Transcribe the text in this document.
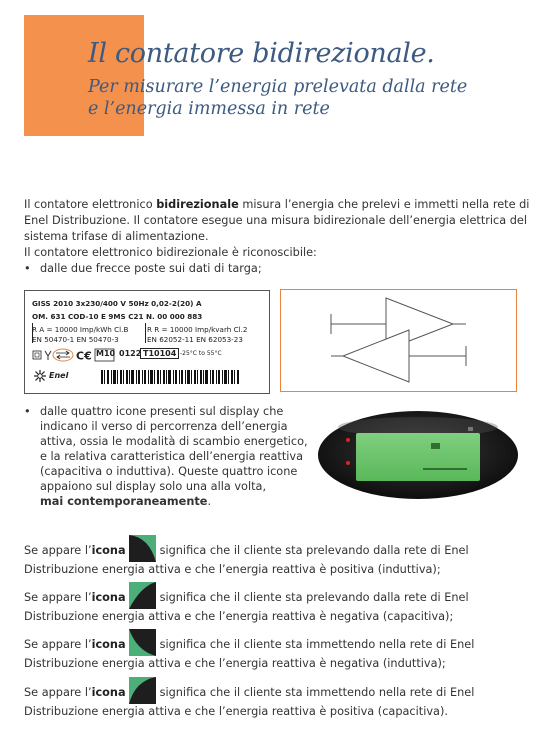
Il contatore bidirezionale.
Per misurare l’energia prelevata dalla rete
e l’energia immessa in rete

Il contatore elettronico bidirezionale misura l’energia che prelevi e immetti nella rete di Enel Distribuzione. Il contatore esegue una misura bidirezionale dell’energia elettrica del sistema trifase di alimentazione.

Il contatore elettronico bidirezionale è riconoscibile:

• dalle due frecce poste sui dati di targa;
GISS 2010 3x230/400 V 50Hz 0,02-2(20) A
OM. 631 COD-10 E 9MS C21 N. 00 000 883
R A = 10000 Imp/kWh Cl.B	R R = 10000 Imp/kvarh Cl.2
EN 50470-1 EN 50470-3	EN 62052-11 EN 62053-23
C€ M10 0122 T10104 -25°C to 55°C
Enel
• dalle quattro icone presenti sul display che indicano il verso di percorrenza dell’energia attiva, ossia le modalità di scambio energetico, e la relativa caratteristica dell’energia reattiva (capacitiva o induttiva). Queste quattro icone appaiono sul display solo una alla volta,
mai contemporaneamente.
Se appare l’icona	significa che il cliente sta prelevando dalla rete di Enel Distribuzione energia attiva e che l’energia reattiva è positiva (induttiva);
Se appare l’icona	significa che il cliente sta prelevando dalla rete di Enel Distribuzione energia attiva e che l’energia reattiva è negativa (capacitiva);
Se appare l’icona	significa che il cliente sta immettendo nella rete di Enel Distribuzione energia attiva e che l’energia reattiva è negativa (induttiva);
Se appare l’icona	significa che il cliente sta immettendo nella rete di Enel Distribuzione energia attiva e che l’energia reattiva è positiva (capacitiva).
